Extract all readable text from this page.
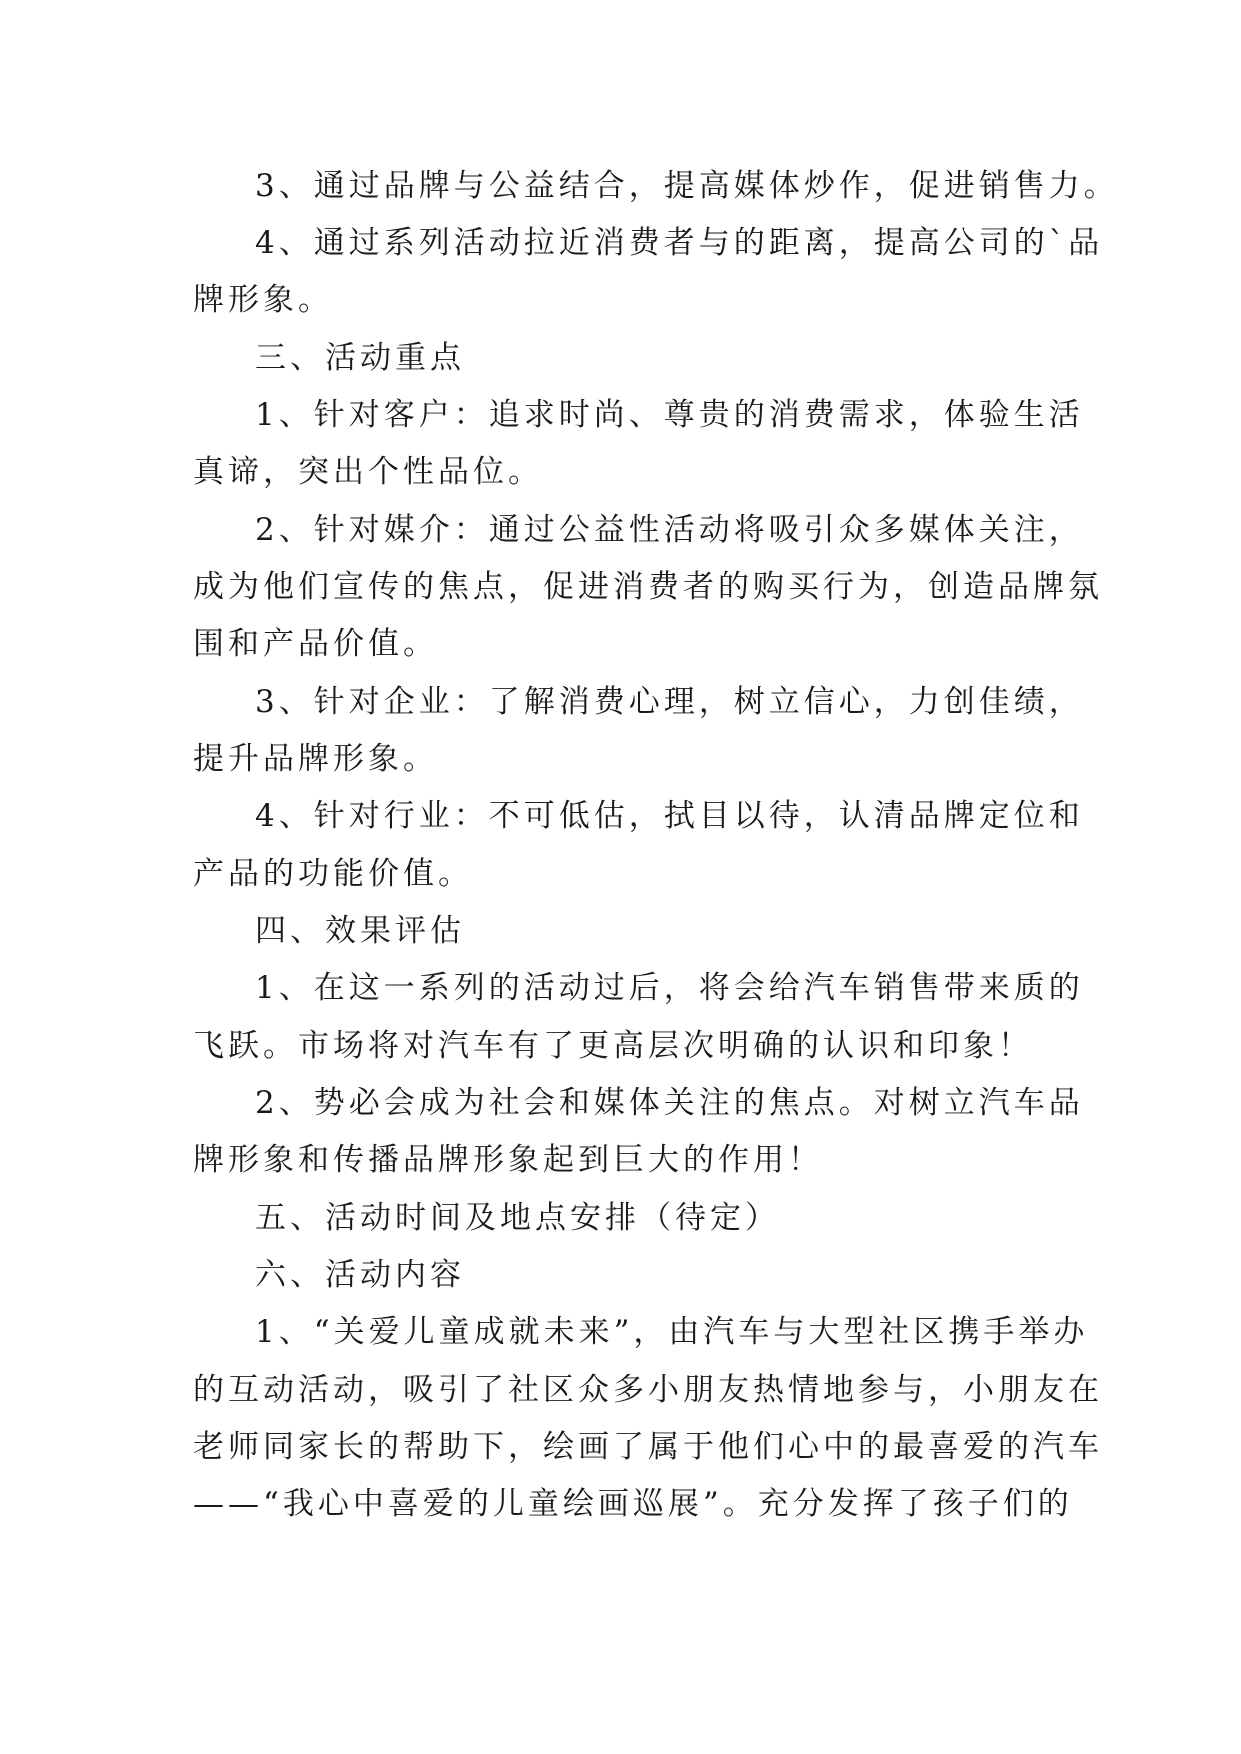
3、通过品牌与公益结合，提高媒体炒作，促进销售力。
4、通过系列活动拉近消费者与的距离，提高公司的`品
牌形象。
三、活动重点
1、针对客户：追求时尚、尊贵的消费需求，体验生活
真谛，突出个性品位。
2、针对媒介：通过公益性活动将吸引众多媒体关注，
成为他们宣传的焦点，促进消费者的购买行为，创造品牌氛
围和产品价值。
3、针对企业：了解消费心理，树立信心，力创佳绩，
提升品牌形象。
4、针对行业：不可低估，拭目以待，认清品牌定位和
产品的功能价值。
四、效果评估
1、在这一系列的活动过后，将会给汽车销售带来质的
飞跃。市场将对汽车有了更高层次明确的认识和印象！
2、势必会成为社会和媒体关注的焦点。对树立汽车品
牌形象和传播品牌形象起到巨大的作用！
五、活动时间及地点安排（待定）
六、活动内容
1、“关爱儿童成就未来”，由汽车与大型社区携手举办
的互动活动，吸引了社区众多小朋友热情地参与，小朋友在
老师同家长的帮助下，绘画了属于他们心中的最喜爱的汽车
——“我心中喜爱的儿童绘画巡展”。充分发挥了孩子们的
